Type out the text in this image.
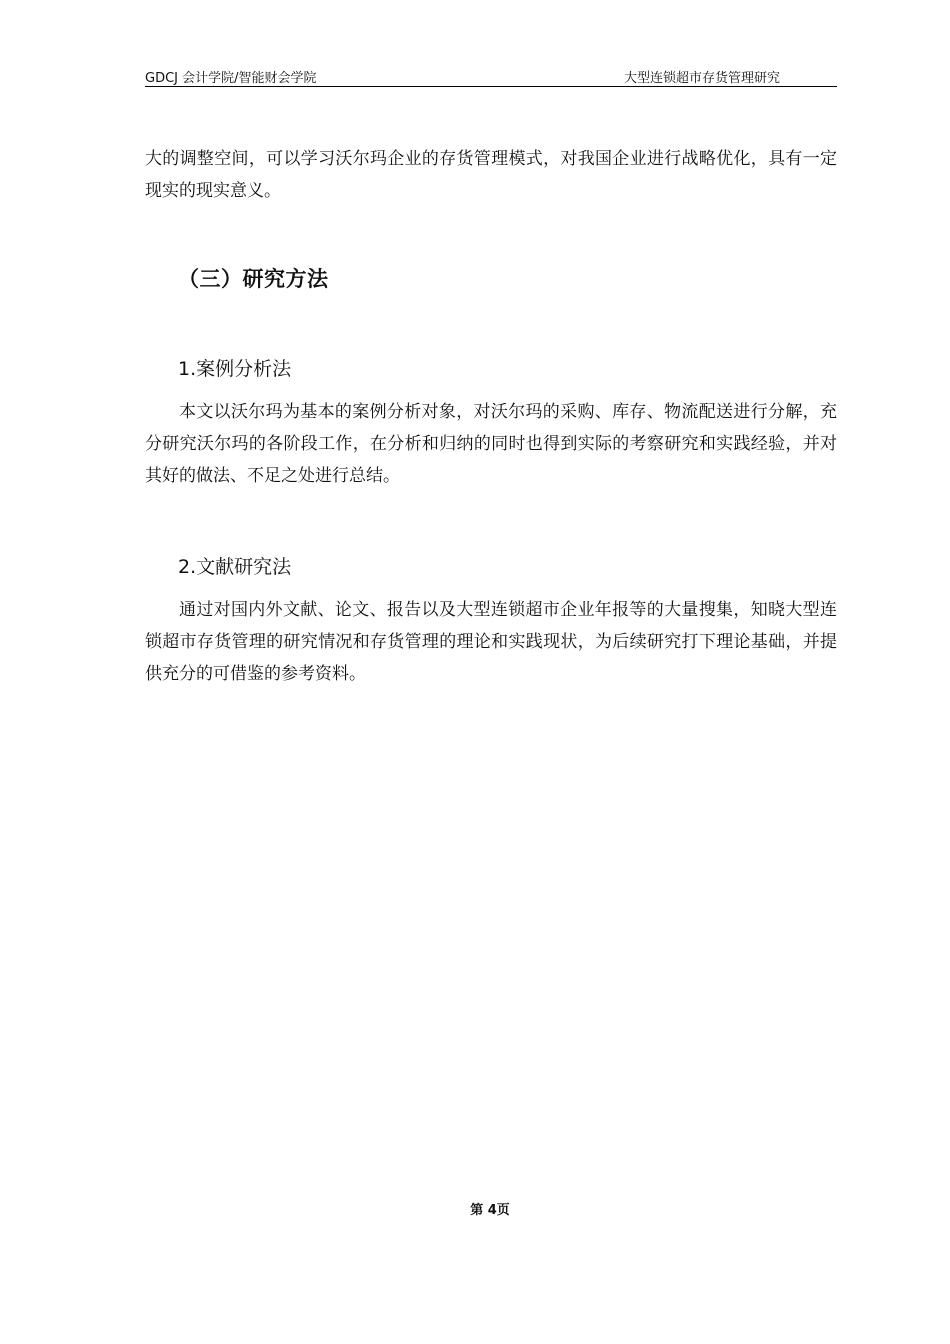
GDCJ 会计学院/智能财会学院	大型连锁超市存货管理研究

大的调整空间，可以学习沃尔玛企业的存货管理模式，对我国企业进行战略优化，具有一定现实的现实意义。

（三）研究方法
1.案例分析法

本文以沃尔玛为基本的案例分析对象，对沃尔玛的采购、库存、物流配送进行分解，充分研究沃尔玛的各阶段工作，在分析和归纳的同时也得到实际的考察研究和实践经验，并对其好的做法、不足之处进行总结。

2.文献研究法

通过对国内外文献、论文、报告以及大型连锁超市企业年报等的大量搜集，知晓大型连锁超市存货管理的研究情况和存货管理的理论和实践现状，为后续研究打下理论基础，并提供充分的可借鉴的参考资料。

第 4页
